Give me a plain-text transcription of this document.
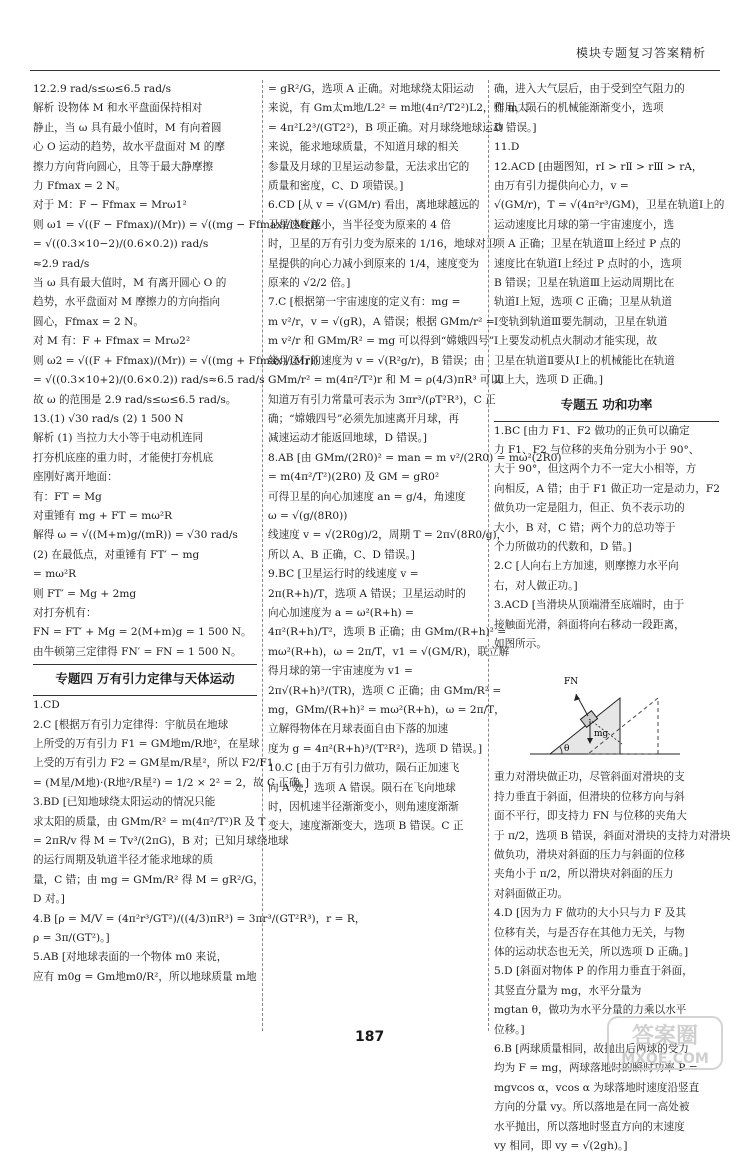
模块专题复习答案精析

12.2.9 rad/s≤ω≤6.5 rad/s

解析 设物体 M 和水平盘面保持相对

静止，当 ω 具有最小值时，M 有向着圆

心 O 运动的趋势，故水平盘面对 M 的摩

擦力方向背向圆心，且等于最大静摩擦

力 Ffmax = 2 N。

对于 M：F − Ffmax = Mrω1²

则 ω1 = √((F − Ffmax)/(Mr)) = √((mg − Ffmax)/(Mr))

= √((0.3×10−2)/(0.6×0.2)) rad/s

≈2.9 rad/s

当 ω 具有最大值时，M 有离开圆心 O 的

趋势，水平盘面对 M 摩擦力的方向指向

圆心，Ffmax = 2 N。

对 M 有：F + Ffmax = Mrω2²

则 ω2 = √((F + Ffmax)/(Mr)) = √((mg + Ffmax)/(Mr))

= √((0.3×10+2)/(0.6×0.2)) rad/s≈6.5 rad/s

故 ω 的范围是 2.9 rad/s≤ω≤6.5 rad/s。

13.(1) √30 rad/s (2) 1 500 N

解析 (1) 当拉力大小等于电动机连同

打夯机底座的重力时，才能使打夯机底

座刚好离开地面：

有：FT = Mg

对重锤有 mg + FT = mω²R

解得 ω = √((M+m)g/(mR)) = √30 rad/s

(2) 在最低点，对重锤有 FT′ − mg

= mω²R

则 FT′ = Mg + 2mg

对打夯机有：

FN = FT′ + Mg = 2(M+m)g = 1 500 N。

由牛顿第三定律得 FN′ = FN = 1 500 N。

专题四 万有引力定律与天体运动

1.CD

2.C [根据万有引力定律得：宇航员在地球

上所受的万有引力 F1 = GM地m/R地²，在星球

上受的万有引力 F2 = GM星m/R星²，所以 F2/F1

= (M星/M地)·(R地²/R星²) = 1/2 × 2² = 2，故 C 正确。]

3.BD [已知地球绕太阳运动的情况只能

求太阳的质量，由 GMm/R² = m(4π²/T²)R 及 T

= 2πR/v 得 M = Tv³/(2πG)，B 对；已知月球绕地球

的运行周期及轨道半径才能求地球的质

量，C 错；由 mg = GMm/R² 得 M = gR²/G，

D 对。]

4.B [ρ = M/V = (4π²r³/GT²)/((4/3)πR³) = 3πr³/(GT²R³)，r = R，

ρ = 3π/(GT²)。]

5.AB [对地球表面的一个物体 m0 来说，

应有 m0g = Gm地m0/R²，所以地球质量 m地

= gR²/G，选项 A 正确。对地球绕太阳运动

来说，有 Gm太m地/L2² = m地(4π²/T2²)L2，则 m太

= 4π²L2³/(GT2²)，B 项正确。对月球绕地球运动

来说，能求地球质量，不知道月球的相关

参量及月球的卫星运动参量，无法求出它的

质量和密度，C、D 项错误。]

6.CD [从 v = √(GM/r) 看出，离地球越远的

卫星速度越小，当半径变为原来的 4 倍

时，卫星的万有引力变为原来的 1/16，地球对卫

星提供的向心力减小到原来的 1/4，速度变为

原来的 √2/2 倍。]

7.C [根据第一宇宙速度的定义有：mg =

m v²/r，v = √(gR)，A 错误；根据 GMm/r² =

m v²/r 和 GMm/R² = mg 可以得到“嫦娥四号”

绕月运行的速度为 v = √(R²g/r)，B 错误；由

GMm/r² = m(4π²/T²)r 和 M = ρ(4/3)πR³ 可以

知道万有引力常量可表示为 3πr³/(ρT²R³)，C 正

确；“嫦娥四号”必须先加速离开月球，再

减速运动才能返回地球，D 错误。]

8.AB [由 GMm/(2R0)² = man = m v²/(2R0) = mω²(2R0)

= m(4π²/T²)(2R0) 及 GM = gR0²

可得卫星的向心加速度 an = g/4，角速度

ω = √(g/(8R0))

线速度 v = √(2R0g)/2，周期 T = 2π√(8R0/g)，

所以 A、B 正确，C、D 错误。]

9.BC [卫星运行时的线速度 v =

2π(R+h)/T，选项 A 错误；卫星运动时的

向心加速度为 a = ω²(R+h) =

4π²(R+h)/T²，选项 B 正确；由 GMm/(R+h)² =

mω²(R+h)，ω = 2π/T，v1 = √(GM/R)，联立解

得月球的第一宇宙速度为 v1 =

2π√(R+h)³/(TR)，选项 C 正确；由 GMm/R² =

mg，GMm/(R+h)² = mω²(R+h)，ω = 2π/T，

立解得物体在月球表面自由下落的加速

度为 g = 4π²(R+h)³/(T²R²)，选项 D 错误。]

10.C [由于万有引力做功，陨石正加速飞

向 A 处，选项 A 错误。陨石在飞向地球

时，因机速半径渐渐变小，则角速度渐渐

变大，速度渐渐变大，选项 B 错误。C 正

确，进入大气层后，由于受到空气阻力的

作用，陨石的机械能渐渐变小，选项

D 错误。]

11.D

12.ACD [由题图知，rⅠ > rⅡ > rⅢ > rA，

由万有引力提供向心力，v =

√(GM/r)，T = √(4π²r³/GM)，卫星在轨道Ⅰ上的

运动速度比月球的第一宇宙速度小，选

项 A 正确；卫星在轨道Ⅲ上经过 P 点的

速度比在轨道Ⅰ上经过 P 点时的小，选项

B 错误；卫星在轨道Ⅲ上运动周期比在

轨道Ⅰ上短，选项 C 正确；卫星从轨道

Ⅰ变轨到轨道Ⅲ要先制动，卫星在轨道

Ⅰ上要发动机点火制动才能实现，故

卫星在轨道Ⅱ要从Ⅰ上的机械能比在轨道

Ⅲ上大，选项 D 正确。]

专题五 功和功率

1.BC [由力 F1、F2 做功的正负可以确定

力 F1、F2 与位移的夹角分别为小于 90°、

大于 90°，但这两个力不一定大小相等，方

向相反，A 错；由于 F1 做正功一定是动力，F2

做负功一定是阻力，但正、负不表示功的

大小，B 对，C 错；两个力的总功等于

个力所做功的代数和，D 错。]

2.C [人向右上方加速，则摩擦力水平向

右，对人做正功。]

3.ACD [当滑块从顶端滑至底端时，由于

接触面光滑，斜面将向右移动一段距离，

如图所示。

FN
mg
θ

重力对滑块做正功，尽管斜面对滑块的支

持力垂直于斜面，但滑块的位移方向与斜

面不平行，即支持力 FN 与位移的夹角大

于 π/2，选项 B 错误，斜面对滑块的支持力对滑块

做负功，滑块对斜面的压力与斜面的位移

夹角小于 π/2，所以滑块对斜面的压力

对斜面做正功。

4.D [因为力 F 做功的大小只与力 F 及其

位移有关，与是否存在其他力无关，与物

体的运动状态也无关，所以选项 D 正确。]

5.D [斜面对物体 P 的作用力垂直于斜面，

其竖直分量为 mg，水平分量为

mgtan θ，做功为水平分量的力乘以水平

位移。]

6.B [两球质量相同，故抛出后两球的受力

均为 F = mg，两球落地时的瞬时功率 P =

mgvcos α，vcos α 为球落地时速度沿竖直

方向的分量 vy。所以落地是在同一高处被

水平抛出，所以落地时竖直方向的末速度

vy 相同，即 vy = √(2gh)。]

187	答案圈
MXQE.COM
